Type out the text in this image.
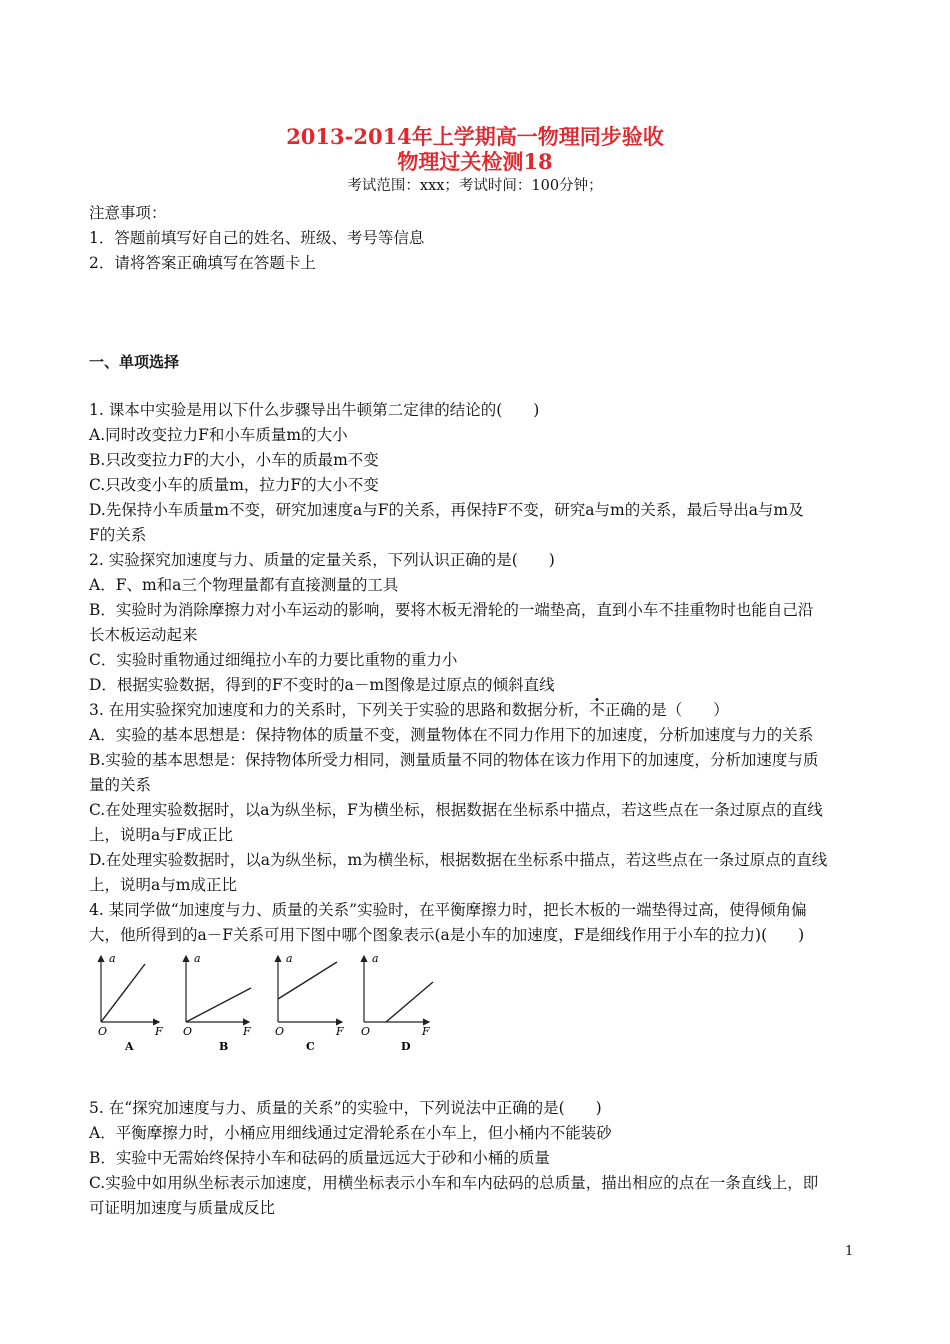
2013-2014年上学期高一物理同步验收
物理过关检测18
考试范围：xxx；考试时间：100分钟；
注意事项：
1．答题前填写好自己的姓名、班级、考号等信息
2．请将答案正确填写在答题卡上
一、单项选择
1. 课本中实验是用以下什么步骤导出牛顿第二定律的结论的(　　)
A.同时改变拉力F和小车质量m的大小
B.只改变拉力F的大小，小车的质最m不变
C.只改变小车的质量m，拉力F的大小不变
D.先保持小车质量m不变，研究加速度a与F的关系，再保持F不变，研究a与m的关系，最后导出a与m及
F的关系
2. 实验探究加速度与力、质量的定量关系，下列认识正确的是(　　)
A．F、m和a三个物理量都有直接测量的工具
B．实验时为消除摩擦力对小车运动的影响，要将木板无滑轮的一端垫高，直到小车不挂重物时也能自己沿
长木板运动起来
C．实验时重物通过细绳拉小车的力要比重物的重力小
D．根据实验数据，得到的F不变时的a－m图像是过原点的倾斜直线
3. 在用实验探究加速度和力的关系时，下列关于实验的思路和数据分析，不正确的是（　　）
A．实验的基本思想是：保持物体的质量不变，测量物体在不同力作用下的加速度，分析加速度与力的关系
B.实验的基本思想是：保持物体所受力相同，测量质量不同的物体在该力作用下的加速度，分析加速度与质
量的关系
C.在处理实验数据时，以a为纵坐标，F为横坐标，根据数据在坐标系中描点，若这些点在一条过原点的直线
上，说明a与F成正比
D.在处理实验数据时，以a为纵坐标，m为横坐标，根据数据在坐标系中描点，若这些点在一条过原点的直线
上，说明a与m成正比
4. 某同学做“加速度与力、质量的关系”实验时，在平衡摩擦力时，把长木板的一端垫得过高，使得倾角偏
大，他所得到的a－F关系可用下图中哪个图象表示(a是小车的加速度，F是细线作用于小车的拉力)(　　)
a
O	F
A
a
O	F
B
a
O	F
C
a
O	F
D
5. 在“探究加速度与力、质量的关系”的实验中，下列说法中正确的是(　　)
A．平衡摩擦力时，小桶应用细线通过定滑轮系在小车上，但小桶内不能装砂
B．实验中无需始终保持小车和砝码的质量远远大于砂和小桶的质量
C.实验中如用纵坐标表示加速度，用横坐标表示小车和车内砝码的总质量，描出相应的点在一条直线上，即
可证明加速度与质量成反比
1
